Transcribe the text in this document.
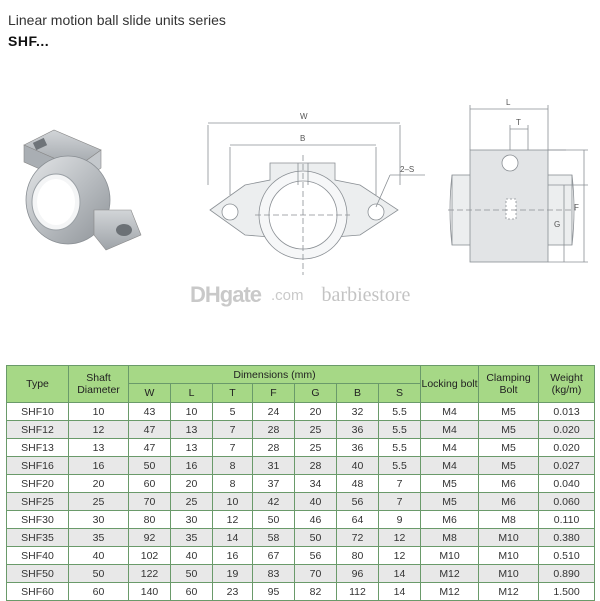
Linear motion ball slide units series
SHF...
W
B
2–S
L
T
G
F
DHgate .com barbiestore
Type	Shaft Diameter	Dimensions (mm)							Locking bolt	Clamping Bolt	Weight (kg/m)
		W	L	T	F	G	B	S			
SHF10	10	43	10	5	24	20	32	5.5	M4	M5	0.013
SHF12	12	47	13	7	28	25	36	5.5	M4	M5	0.020
SHF13	13	47	13	7	28	25	36	5.5	M4	M5	0.020
SHF16	16	50	16	8	31	28	40	5.5	M4	M5	0.027
SHF20	20	60	20	8	37	34	48	7	M5	M6	0.040
SHF25	25	70	25	10	42	40	56	7	M5	M6	0.060
SHF30	30	80	30	12	50	46	64	9	M6	M8	0.110
SHF35	35	92	35	14	58	50	72	12	M8	M10	0.380
SHF40	40	102	40	16	67	56	80	12	M10	M10	0.510
SHF50	50	122	50	19	83	70	96	14	M12	M10	0.890
SHF60	60	140	60	23	95	82	112	14	M12	M12	1.500
